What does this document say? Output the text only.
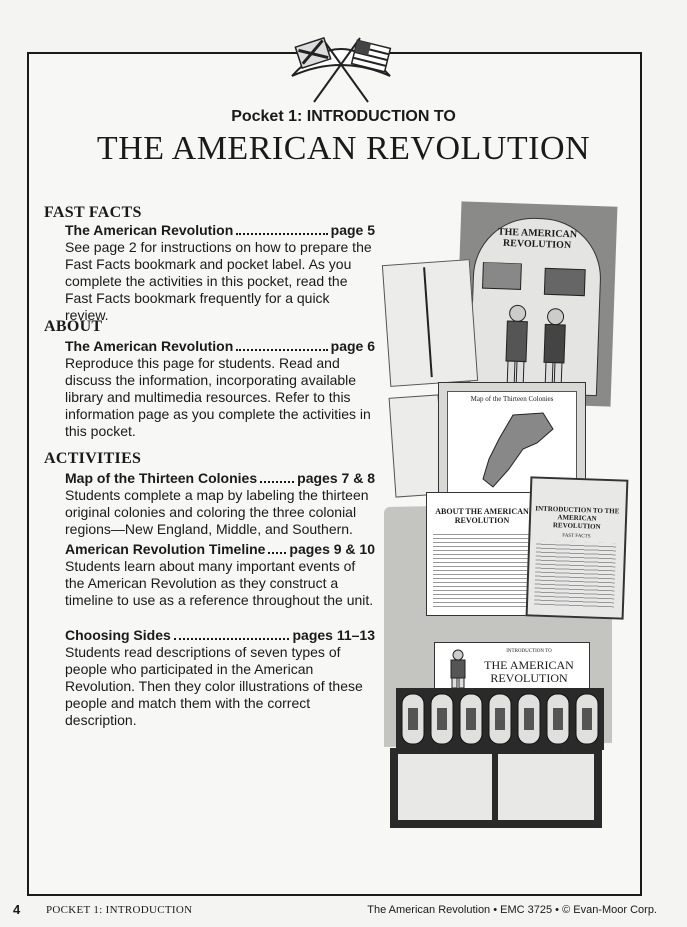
Pocket 1: INTRODUCTION TO
THE AMERICAN REVOLUTION
FAST FACTS
The American Revolution	page 5

See page 2 for instructions on how to prepare the Fast Facts bookmark and pocket label. As you complete the activities in this pocket, read the Fast Facts bookmark frequently for a quick review.

ABOUT
The American Revolution	page 6

Reproduce this page for students. Read and discuss the information, incorporating available library and multimedia resources. Refer to this information page as you complete the activities in this pocket.

ACTIVITIES
Map of the Thirteen Colonies	pages 7 & 8

Students complete a map by labeling the thirteen original colonies and coloring the three colonial regions—New England, Middle, and Southern.

American Revolution Timeline pages 9 & 10

Students learn about many important events of the American Revolution as they construct a timeline to use as a reference throughout the unit.

Choosing Sides	pages 11–13

Students read descriptions of seven types of people who participated in the American Revolution. Then they color illustrations of these people and match them with the correct description.

THE AMERICAN REVOLUTION
Map of the Thirteen Colonies
ABOUT THE AMERICAN REVOLUTION
INTRODUCTION TO THE AMERICAN REVOLUTION
FAST FACTS
INTRODUCTION TO
THE AMERICAN REVOLUTION
4 POCKET 1: INTRODUCTION	The American Revolution • EMC 3725 • © Evan-Moor Corp.
